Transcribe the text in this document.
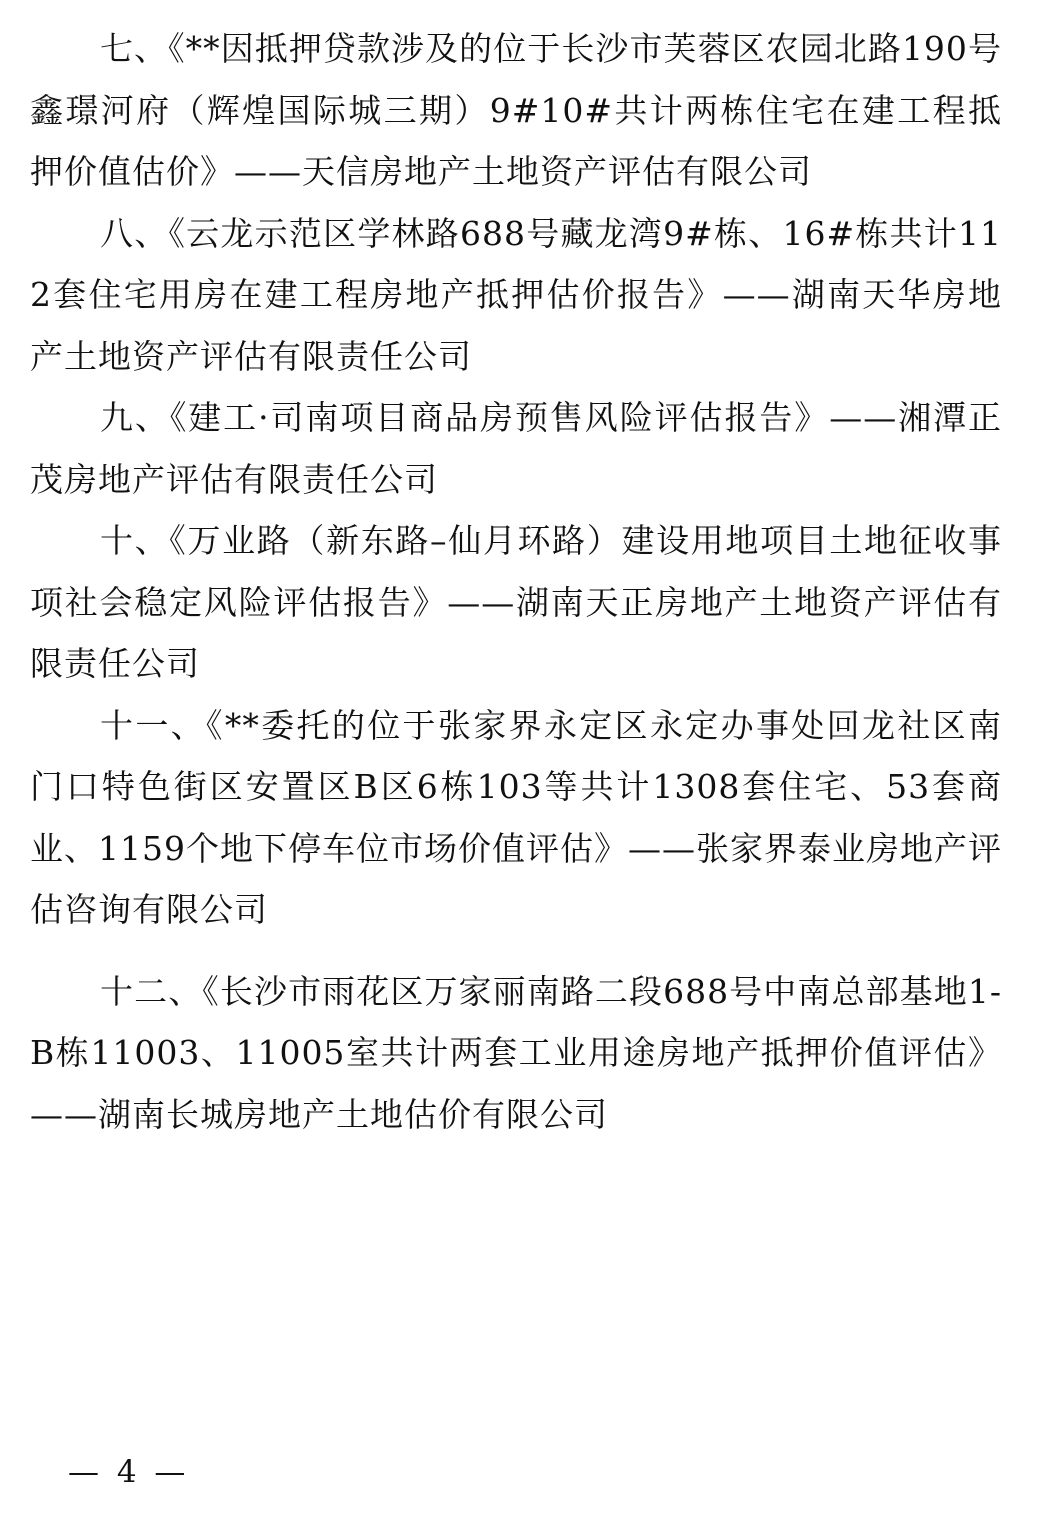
七、《**因抵押贷款涉及的位于长沙市芙蓉区农园北路190号鑫璟河府（辉煌国际城三期）9#10#共计两栋住宅在建工程抵押价值估价》——天信房地产土地资产评估有限公司

八、《云龙示范区学林路688号藏龙湾9#栋、16#栋共计112套住宅用房在建工程房地产抵押估价报告》——湖南天华房地产土地资产评估有限责任公司

九、《建工·司南项目商品房预售风险评估报告》——湘潭正茂房地产评估有限责任公司

十、《万业路（新东路–仙月环路）建设用地项目土地征收事项社会稳定风险评估报告》——湖南天正房地产土地资产评估有限责任公司

十一、《**委托的位于张家界永定区永定办事处回龙社区南门口特色街区安置区B区6栋103等共计1308套住宅、53套商业、1159个地下停车位市场价值评估》——张家界泰业房地产评估咨询有限公司

十二、《长沙市雨花区万家丽南路二段688号中南总部基地1-B栋11003、11005室共计两套工业用途房地产抵押价值评估》——湖南长城房地产土地估价有限公司

— 4 —
